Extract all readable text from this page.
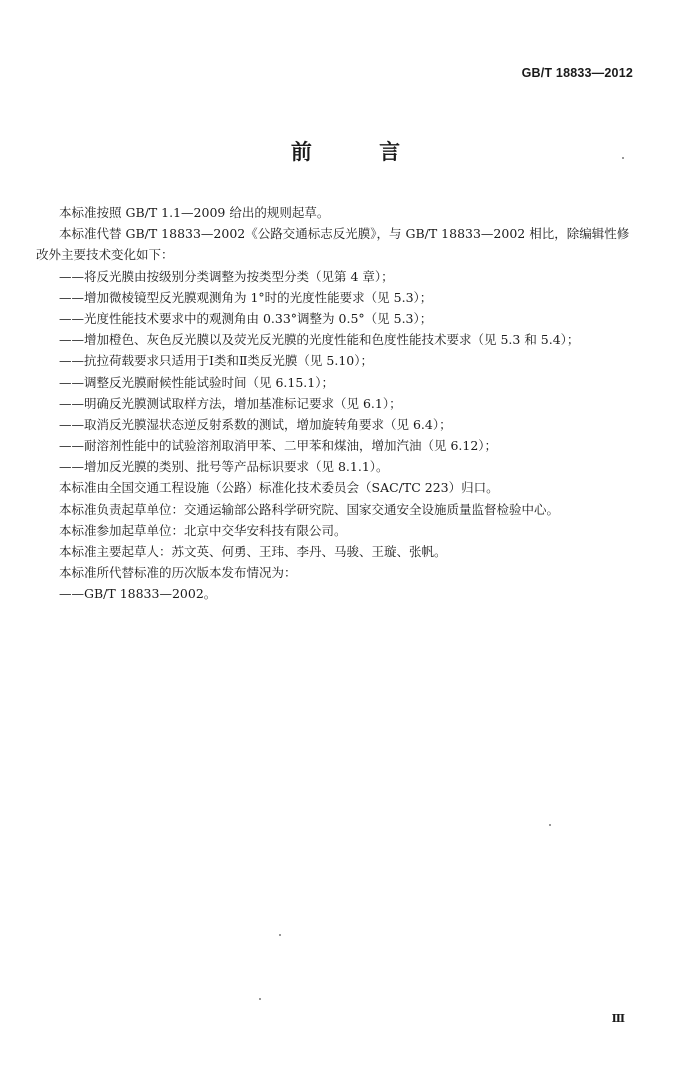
GB/T 18833—2012
前 言
本标准按照 GB/T 1.1—2009 给出的规则起草。
本标准代替 GB/T 18833—2002《公路交通标志反光膜》，与 GB/T 18833—2002 相比，除编辑性修
改外主要技术变化如下：
——将反光膜由按级别分类调整为按类型分类（见第 4 章）；
——增加微棱镜型反光膜观测角为 1°时的光度性能要求（见 5.3）；
——光度性能技术要求中的观测角由 0.33°调整为 0.5°（见 5.3）；
——增加橙色、灰色反光膜以及荧光反光膜的光度性能和色度性能技术要求（见 5.3 和 5.4）；
——抗拉荷载要求只适用于Ⅰ类和Ⅱ类反光膜（见 5.10）；
——调整反光膜耐候性能试验时间（见 6.15.1）；
——明确反光膜测试取样方法，增加基准标记要求（见 6.1）；
——取消反光膜湿状态逆反射系数的测试，增加旋转角要求（见 6.4）；
——耐溶剂性能中的试验溶剂取消甲苯、二甲苯和煤油，增加汽油（见 6.12）；
——增加反光膜的类别、批号等产品标识要求（见 8.1.1）。
本标准由全国交通工程设施（公路）标准化技术委员会（SAC/TC 223）归口。
本标准负责起草单位：交通运输部公路科学研究院、国家交通安全设施质量监督检验中心。
本标准参加起草单位：北京中交华安科技有限公司。
本标准主要起草人：苏文英、何勇、王玮、李丹、马骏、王璇、张帆。
本标准所代替标准的历次版本发布情况为：
——GB/T 18833—2002。
Ⅲ
